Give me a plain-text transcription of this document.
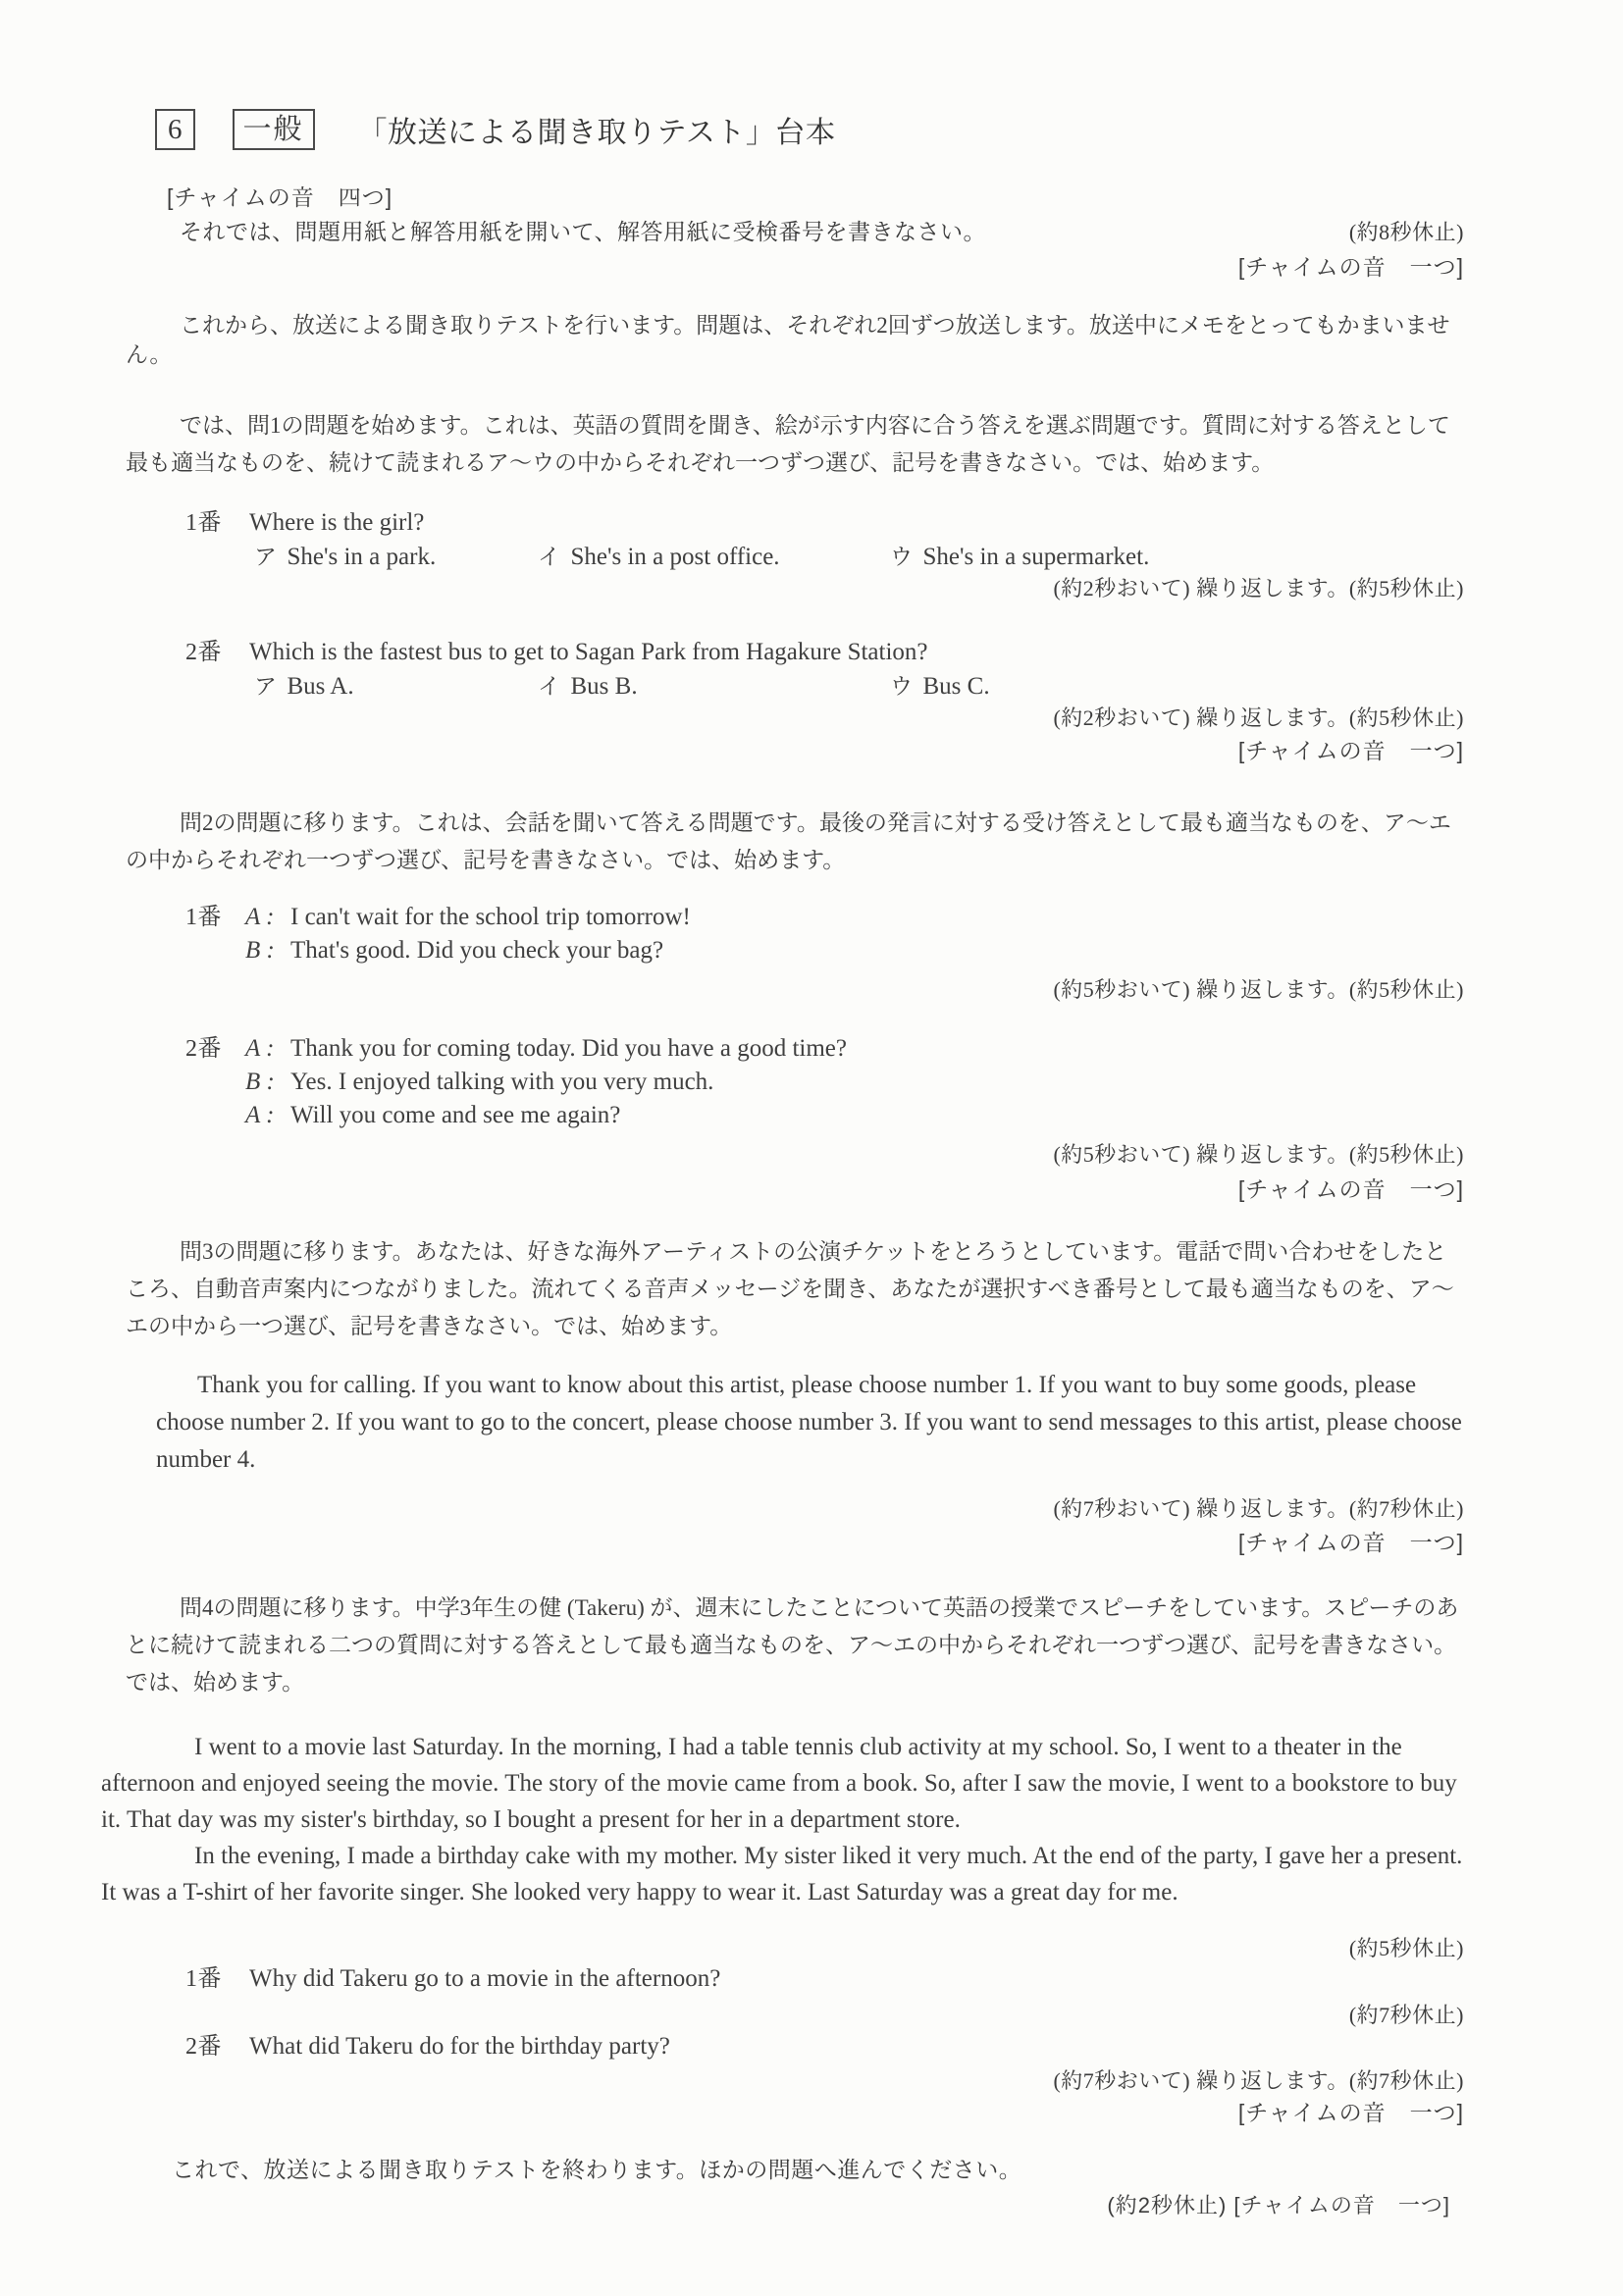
6	一般	「放送による聞き取りテスト」台本
[チャイムの音　四つ]
それでは、問題用紙と解答用紙を開いて、解答用紙に受検番号を書きなさい。	(約8秒休止)
[チャイムの音　一つ]
これから、放送による聞き取りテストを行います。問題は、それぞれ2回ずつ放送します。放送中にメモをとってもかまいません。
では、問1の問題を始めます。これは、英語の質問を聞き、絵が示す内容に合う答えを選ぶ問題です。質問に対する答えとして最も適当なものを、続けて読まれるア～ウの中からそれぞれ一つずつ選び、記号を書きなさい。では、始めます。
1番	Where is the girl?
ア She's in a park.	イ She's in a post office.	ウ She's in a supermarket.
(約2秒おいて) 繰り返します。(約5秒休止)
2番	Which is the fastest bus to get to Sagan Park from Hagakure Station?
ア Bus A.	イ Bus B.	ウ Bus C.
(約2秒おいて) 繰り返します。(約5秒休止)
[チャイムの音　一つ]
問2の問題に移ります。これは、会話を聞いて答える問題です。最後の発言に対する受け答えとして最も適当なものを、ア～エの中からそれぞれ一つずつ選び、記号を書きなさい。では、始めます。
1番 A : I can't wait for the school trip tomorrow!
B : That's good. Did you check your bag?
(約5秒おいて) 繰り返します。(約5秒休止)
2番 A : Thank you for coming today. Did you have a good time?
B : Yes. I enjoyed talking with you very much.
A : Will you come and see me again?
(約5秒おいて) 繰り返します。(約5秒休止)
[チャイムの音　一つ]
問3の問題に移ります。あなたは、好きな海外アーティストの公演チケットをとろうとしています。電話で問い合わせをしたところ、自動音声案内につながりました。流れてくる音声メッセージを聞き、あなたが選択すべき番号として最も適当なものを、ア～エの中から一つ選び、記号を書きなさい。では、始めます。
Thank you for calling. If you want to know about this artist, please choose number 1. If you want to buy some goods, please choose number 2. If you want to go to the concert, please choose number 3. If you want to send messages to this artist, please choose number 4.
(約7秒おいて) 繰り返します。(約7秒休止)
[チャイムの音　一つ]
問4の問題に移ります。中学3年生の健 (Takeru) が、週末にしたことについて英語の授業でスピーチをしています。スピーチのあとに続けて読まれる二つの質問に対する答えとして最も適当なものを、ア～エの中からそれぞれ一つずつ選び、記号を書きなさい。では、始めます。
I went to a movie last Saturday. In the morning, I had a table tennis club activity at my school. So, I went to a theater in the afternoon and enjoyed seeing the movie. The story of the movie came from a book. So, after I saw the movie, I went to a bookstore to buy it. That day was my sister's birthday, so I bought a present for her in a department store.
In the evening, I made a birthday cake with my mother. My sister liked it very much. At the end of the party, I gave her a present. It was a T-shirt of her favorite singer. She looked very happy to wear it. Last Saturday was a great day for me.
(約5秒休止)
1番	Why did Takeru go to a movie in the afternoon?
(約7秒休止)
2番	What did Takeru do for the birthday party?
(約7秒おいて) 繰り返します。(約7秒休止)
[チャイムの音　一つ]
これで、放送による聞き取りテストを終わります。ほかの問題へ進んでください。
(約2秒休止) [チャイムの音　一つ]
